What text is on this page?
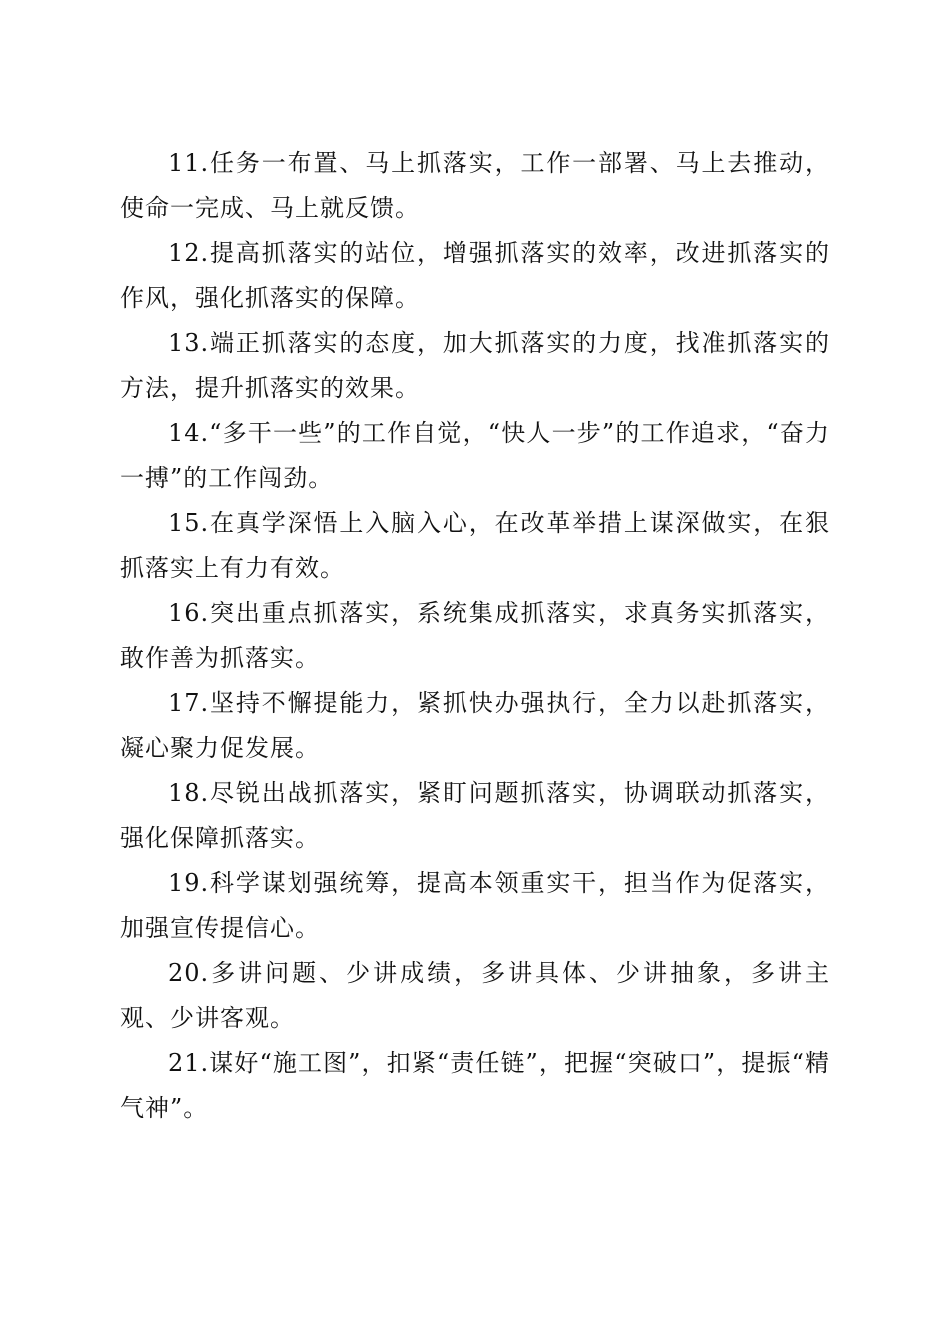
11.任务一布置、马上抓落实，工作一部署、马上去推动，使命一完成、马上就反馈。

12.提高抓落实的站位，增强抓落实的效率，改进抓落实的作风，强化抓落实的保障。

13.端正抓落实的态度，加大抓落实的力度，找准抓落实的方法，提升抓落实的效果。

14.“多干一些”的工作自觉，“快人一步”的工作追求，“奋力一搏”的工作闯劲。

15.在真学深悟上入脑入心，在改革举措上谋深做实，在狠抓落实上有力有效。

16.突出重点抓落实，系统集成抓落实，求真务实抓落实，敢作善为抓落实。

17.坚持不懈提能力，紧抓快办强执行，全力以赴抓落实，凝心聚力促发展。

18.尽锐出战抓落实，紧盯问题抓落实，协调联动抓落实，强化保障抓落实。

19.科学谋划强统筹，提高本领重实干，担当作为促落实，加强宣传提信心。

20.多讲问题、少讲成绩，多讲具体、少讲抽象，多讲主观、少讲客观。

21.谋好“施工图”，扣紧“责任链”，把握“突破口”，提振“精气神”。
